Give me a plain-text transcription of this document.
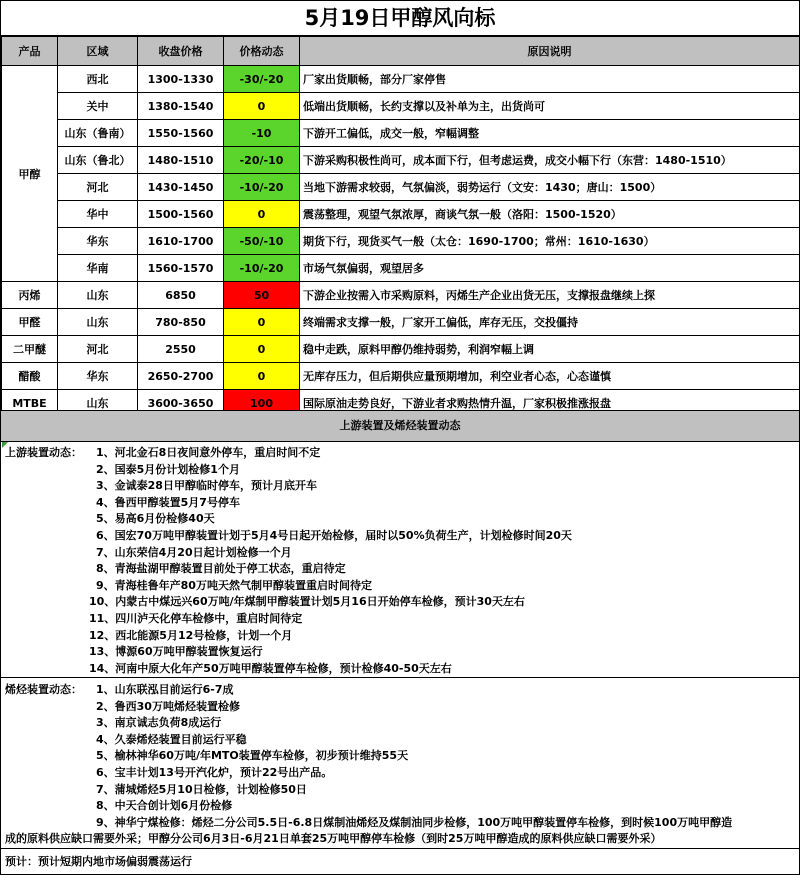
5月19日甲醇风向标
产品	区域	收盘价格	价格动态	原因说明
甲醇	西北	1300-1330	-30/-20	厂家出货顺畅，部分厂家停售
	关中	1380-1540	0	低端出货顺畅，长约支撑以及补单为主，出货尚可
	山东（鲁南）	1550-1560	-10	下游开工偏低，成交一般，窄幅调整
	山东（鲁北）	1480-1510	-20/-10	下游采购积极性尚可，成本面下行，但考虑运费，成交小幅下行（东营：1480-1510）
	河北	1430-1450	-10/-20	当地下游需求较弱，气氛偏淡，弱势运行（文安：1430；唐山：1500）
	华中	1500-1560	0	震荡整理，观望气氛浓厚，商谈气氛一般（洛阳：1500-1520）
	华东	1610-1700	-50/-10	期货下行，现货买气一般（太仓：1690-1700；常州：1610-1630）
	华南	1560-1570	-10/-20	市场气氛偏弱，观望居多
丙烯	山东	6850	50	下游企业按需入市采购原料，丙烯生产企业出货无压，支撑报盘继续上探
甲醛	山东	780-850	0	终端需求支撑一般，厂家开工偏低，库存无压，交投僵持
二甲醚	河北	2550	0	稳中走跌，原料甲醇仍维持弱势，利润窄幅上调
醋酸	华东	2650-2700	0	无库存压力，但后期供应量预期增加，利空业者心态，心态谨慎
MTBE	山东	3600-3650	100	国际原油走势良好，下游业者求购热情升温，厂家积极推涨报盘
上游装置及烯烃装置动态
上游装置动态： 1、河北金石8日夜间意外停车，重启时间不定
2、国泰5月份计划检修1个月
3、金诚泰28日甲醇临时停车，预计月底开车
4、鲁西甲醇装置5月7号停车
5、易高6月份检修40天
6、国宏70万吨甲醇装置计划于5月4号日起开始检修，届时以50%负荷生产，计划检修时间20天
7、山东荣信4月20日起计划检修一个月
8、青海盐湖甲醇装置目前处于停工状态，重启待定
9、青海桂鲁年产80万吨天然气制甲醇装置重启时间待定
10、内蒙古中煤远兴60万吨/年煤制甲醇装置计划5月16日开始停车检修，预计30天左右
11、四川泸天化停车检修中，重启时间待定
12、西北能源5月12号检修，计划一个月
13、博源60万吨甲醇装置恢复运行
14、河南中原大化年产50万吨甲醇装置停车检修，预计检修40-50天左右
烯烃装置动态： 1、山东联泓目前运行6-7成
2、鲁西30万吨烯烃装置检修
3、南京诚志负荷8成运行
4、久泰烯烃装置目前运行平稳
5、榆林神华60万吨/年MTO装置停车检修，初步预计维持55天
6、宝丰计划13号开汽化炉，预计22号出产品。
7、蒲城烯烃5月10日检修，计划检修50日
8、中天合创计划6月份检修
9、神华宁煤检修：烯烃二分公司5.5日-6.8日煤制油烯烃及煤制油同步检修，100万吨甲醇装置停车检修，到时候100万吨甲醇造
成的原料供应缺口需要外采；甲醇分公司6月3日-6月21日单套25万吨甲醇停车检修（到时25万吨甲醇造成的原料供应缺口需要外采）
预计：预计短期内地市场偏弱震荡运行
